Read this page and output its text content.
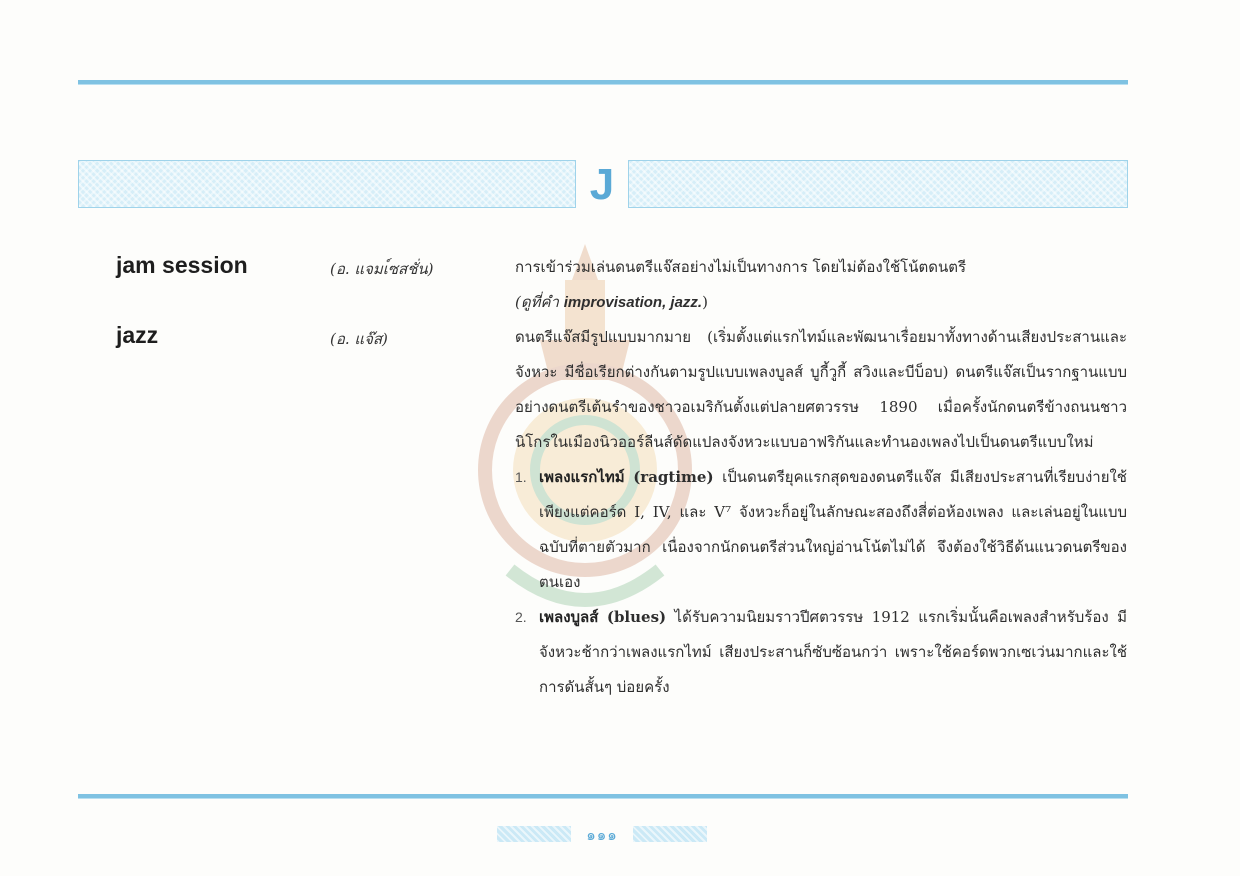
J
jam session	(อ. แจมเ์ซสชั่น)	การเข้าร่วมเล่นดนตรีแจ๊สอย่างไม่เป็นทางการ โดยไม่ต้องใช้โน้ตดนตรี

(ดูที่คำ improvisation, jazz.)

jazz	(อ. แจ๊ส)	ดนตรีแจ๊สมีรูปแบบมากมาย (เริ่มตั้งแต่แรกไทม์และพัฒนาเรื่อยมาทั้งทางด้านเสียงประสานและจังหวะ มีชื่อเรียกต่างกันตามรูปแบบเพลงบูลส์ บูกี้วูกี้ สวิงและบีบ็อบ) ดนตรีแจ๊สเป็นรากฐานแบบอย่างดนตรีเต้นรำของชาวอเมริกันตั้งแต่ปลายศตวรรษ 1890 เมื่อครั้งนักดนตรีข้างถนนชาวนิโกรในเมืองนิวออร์ลีนส์ดัดแปลงจังหวะแบบอาฟริกันและทำนองเพลงไปเป็นดนตรีแบบใหม่

1. เพลงแรกไทม์ (ragtime) เป็นดนตรียุคแรกสุดของดนตรีแจ๊ส มีเสียงประสานที่เรียบง่ายใช้เพียงแต่คอร์ด I, IV, และ V⁷ จังหวะก็อยู่ในลักษณะสองถึงสี่ต่อห้องเพลง และเล่นอยู่ในแบบฉบับที่ตายตัวมาก เนื่องจากนักดนตรีส่วนใหญ่อ่านโน้ตไม่ได้ จึงต้องใช้วิธีด้นแนวดนตรีของตนเอง
2. เพลงบูลส์ (blues) ได้รับความนิยมราวปีศตวรรษ 1912 แรกเริ่มนั้นคือเพลงสำหรับร้อง มีจังหวะช้ากว่าเพลงแรกไทม์ เสียงประสานก็ซับซ้อนกว่า เพราะใช้คอร์ดพวกเซเว่นมากและใช้การดันสั้นๆ บ่อยครั้ง
๑๑๑
